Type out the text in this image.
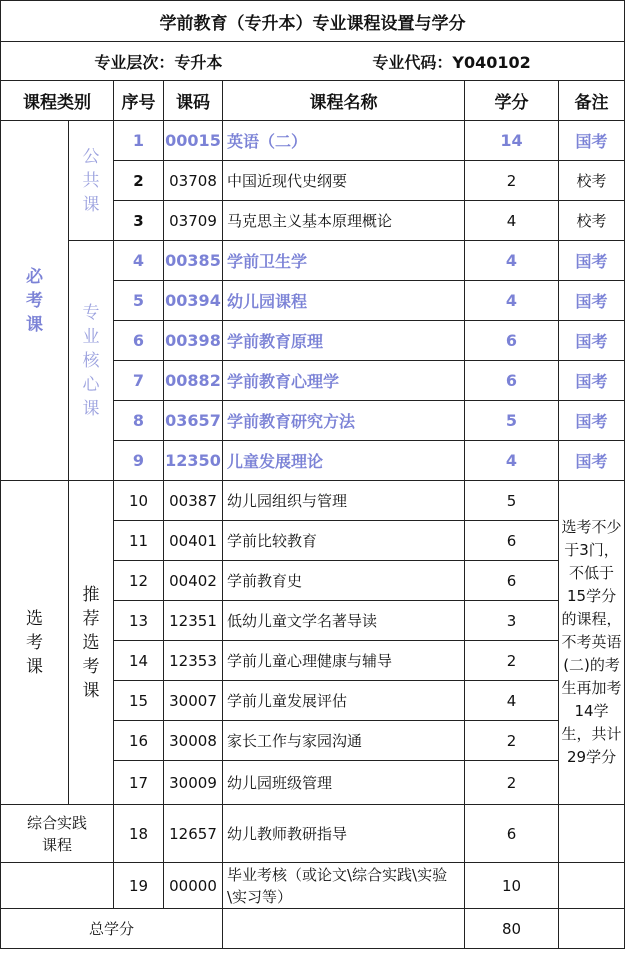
学前教育（专升本）专业课程设置与学分						
专业层次：专升本 专业代码：Y040102						
课程类别		序号	课码	课程名称	学分	备注

必考课	公共课	1	00015	英语（二）	14	国考
		2	03708	中国近现代史纲要	2	校考
		3	03709	马克思主义基本原理概论	4	校考

	专业核心课	4	00385	学前卫生学	4	国考
		5	00394	幼儿园课程	4	国考
		6	00398	学前教育原理	6	国考
		7	00882	学前教育心理学	6	国考
		8	03657	学前教育研究方法	5	国考
		9	12350	儿童发展理论	4	国考

选考课	推荐选考课	10	00387	幼儿园组织与管理	5	选考不少于3门，不低于15学分的课程，不考英语(二)的考生再加考14学生，共计29学分
		11	00401	学前比较教育	6	
		12	00402	学前教育史	6	
		13	12351	低幼儿童文学名著导读	3	
		14	12353	学前儿童心理健康与辅导	2	
		15	30007	学前儿童发展评估	4	
		16	30008	家长工作与家园沟通	2	
		17	30009	幼儿园班级管理	2	

综合实践课程		18	12657	幼儿教师教研指导	6	
		19	00000	毕业考核（或论文\综合实践\实验\实习等）	10	
总学分					80	
